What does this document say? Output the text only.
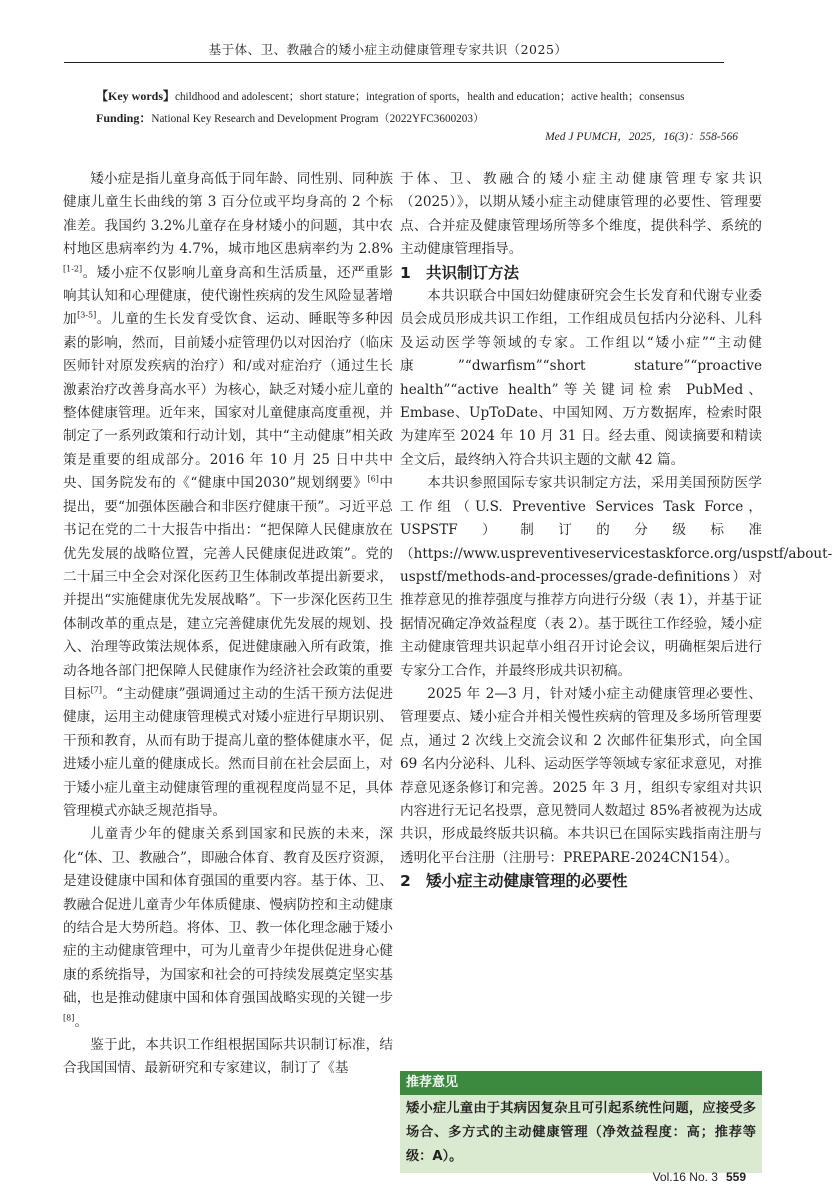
基于体、卫、教融合的矮小症主动健康管理专家共识（2025）
【Key words】childhood and adolescent；short stature；integration of sports，health and education；active health；consensus
Funding：National Key Research and Development Program（2022YFC3600203）
Med J PUMCH，2025，16(3)：558-566

矮小症是指儿童身高低于同年龄、同性别、同种族健康儿童生长曲线的第 3 百分位或平均身高的 2 个标准差。我国约 3.2%儿童存在身材矮小的问题，其中农村地区患病率约为 4.7%，城市地区患病率约为 2.8%[1-2]。矮小症不仅影响儿童身高和生活质量，还严重影响其认知和心理健康，使代谢性疾病的发生风险显著增加[3-5]。儿童的生长发育受饮食、运动、睡眠等多种因素的影响，然而，目前矮小症管理仍以对因治疗（临床医师针对原发疾病的治疗）和/或对症治疗（通过生长激素治疗改善身高水平）为核心，缺乏对矮小症儿童的整体健康管理。近年来，国家对儿童健康高度重视，并制定了一系列政策和行动计划，其中“主动健康”相关政策是重要的组成部分。2016 年 10 月 25 日中共中央、国务院发布的《“健康中国2030”规划纲要》[6]中提出，要“加强体医融合和非医疗健康干预”。习近平总书记在党的二十大报告中指出：“把保障人民健康放在优先发展的战略位置，完善人民健康促进政策”。党的二十届三中全会对深化医药卫生体制改革提出新要求，并提出“实施健康优先发展战略”。下一步深化医药卫生体制改革的重点是，建立完善健康优先发展的规划、投入、治理等政策法规体系，促进健康融入所有政策，推动各地各部门把保障人民健康作为经济社会政策的重要目标[7]。“主动健康”强调通过主动的生活干预方法促进健康，运用主动健康管理模式对矮小症进行早期识别、干预和教育，从而有助于提高儿童的整体健康水平，促进矮小症儿童的健康成长。然而目前在社会层面上，对于矮小症儿童主动健康管理的重视程度尚显不足，具体管理模式亦缺乏规范指导。

儿童青少年的健康关系到国家和民族的未来，深化“体、卫、教融合”，即融合体育、教育及医疗资源，是建设健康中国和体育强国的重要内容。基于体、卫、教融合促进儿童青少年体质健康、慢病防控和主动健康的结合是大势所趋。将体、卫、教一体化理念融于矮小症的主动健康管理中，可为儿童青少年提供促进身心健康的系统指导，为国家和社会的可持续发展奠定坚实基础，也是推动健康中国和体育强国战略实现的关键一步[8]。

鉴于此，本共识工作组根据国际共识制订标准，结合我国国情、最新研究和专家建议，制订了《基

于体、卫、教融合的矮小症主动健康管理专家共识（2025）》，以期从矮小症主动健康管理的必要性、管理要点、合并症及健康管理场所等多个维度，提供科学、系统的主动健康管理指导。

1 共识制订方法

本共识联合中国妇幼健康研究会生长发育和代谢专业委员会成员形成共识工作组，工作组成员包括内分泌科、儿科及运动医学等领域的专家。工作组以“矮小症”“主动健康”“dwarfism”“short stature”“proactive health”“active health”等关键词检索 PubMed、Embase、UpToDate、中国知网、万方数据库，检索时限为建库至 2024 年 10 月 31 日。经去重、阅读摘要和精读全文后，最终纳入符合共识主题的文献 42 篇。

本共识参照国际专家共识制定方法，采用美国预防医学工作组（U.S. Preventive Services Task Force，USPSTF）制订的分级标准（https://www.uspreventiveservicestaskforce.org/uspstf/about-uspstf/methods-and-processes/grade-definitions）对推荐意见的推荐强度与推荐方向进行分级（表 1），并基于证据情况确定净效益程度（表 2）。基于既往工作经验，矮小症主动健康管理共识起草小组召开讨论会议，明确框架后进行专家分工合作，并最终形成共识初稿。

2025 年 2—3 月，针对矮小症主动健康管理必要性、管理要点、矮小症合并相关慢性疾病的管理及多场所管理要点，通过 2 次线上交流会议和 2 次邮件征集形式，向全国 69 名内分泌科、儿科、运动医学等领域专家征求意见，对推荐意见逐条修订和完善。2025 年 3 月，组织专家组对共识内容进行无记名投票，意见赞同人数超过 85%者被视为达成共识，形成最终版共识稿。本共识已在国际实践指南注册与透明化平台注册（注册号：PREPARE-2024CN154）。

2 矮小症主动健康管理的必要性

推荐意见
矮小症儿童由于其病因复杂且可引起系统性问题，应接受多场合、多方式的主动健康管理（净效益程度：高；推荐等级：A）。
Vol.16 No. 3 559
